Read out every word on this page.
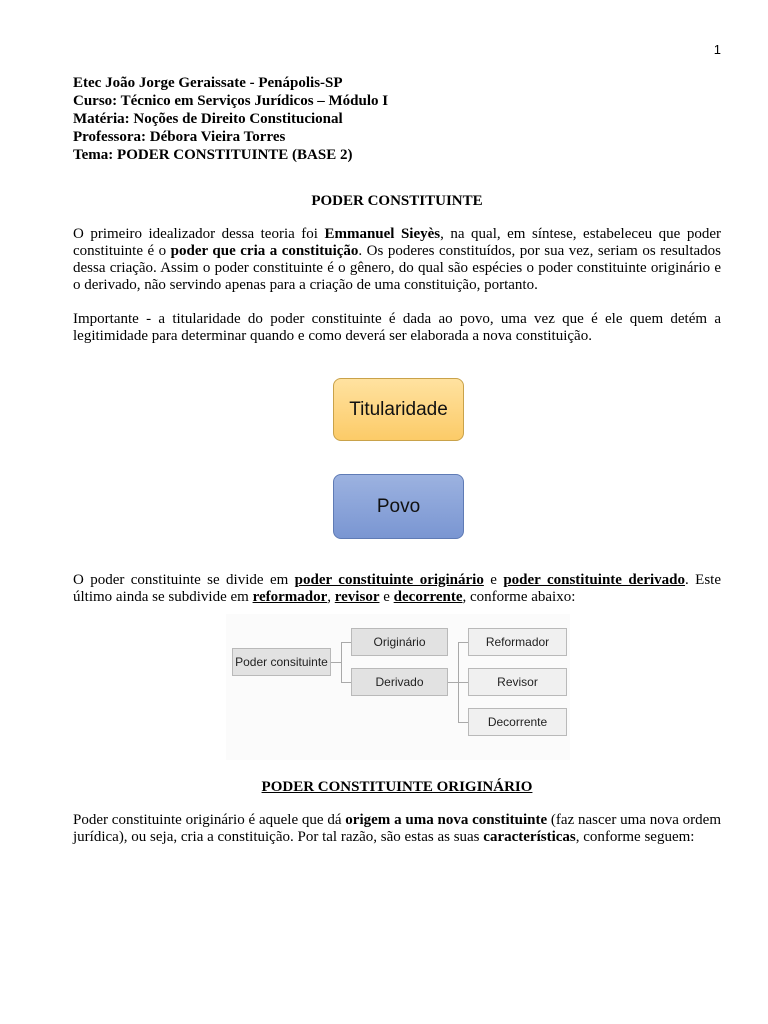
1
Etec João Jorge Geraissate - Penápolis-SP
Curso: Técnico em Serviços Jurídicos – Módulo I
Matéria: Noções de Direito Constitucional
Professora: Débora Vieira Torres
Tema: PODER CONSTITUINTE (BASE 2)
PODER CONSTITUINTE
O primeiro idealizador dessa teoria foi Emmanuel Sieyès, na qual, em síntese, estabeleceu que poder constituinte é o poder que cria a constituição. Os poderes constituídos, por sua vez, seriam os resultados dessa criação. Assim o poder constituinte é o gênero, do qual são espécies o poder constituinte originário e o derivado, não servindo apenas para a criação de uma constituição, portanto.
Importante - a titularidade do poder constituinte é dada ao povo, uma vez que é ele quem detém a legitimidade para determinar quando e como deverá ser elaborada a nova constituição.
Titularidade
Povo
O poder constituinte se divide em poder constituinte originário e poder constituinte derivado. Este último ainda se subdivide em reformador, revisor e decorrente, conforme abaixo:
Poder consituinte
Originário
Derivado
Reformador
Revisor
Decorrente
PODER CONSTITUINTE ORIGINÁRIO
Poder constituinte originário é aquele que dá origem a uma nova constituinte (faz nascer uma nova ordem jurídica), ou seja, cria a constituição. Por tal razão, são estas as suas características, conforme seguem:
